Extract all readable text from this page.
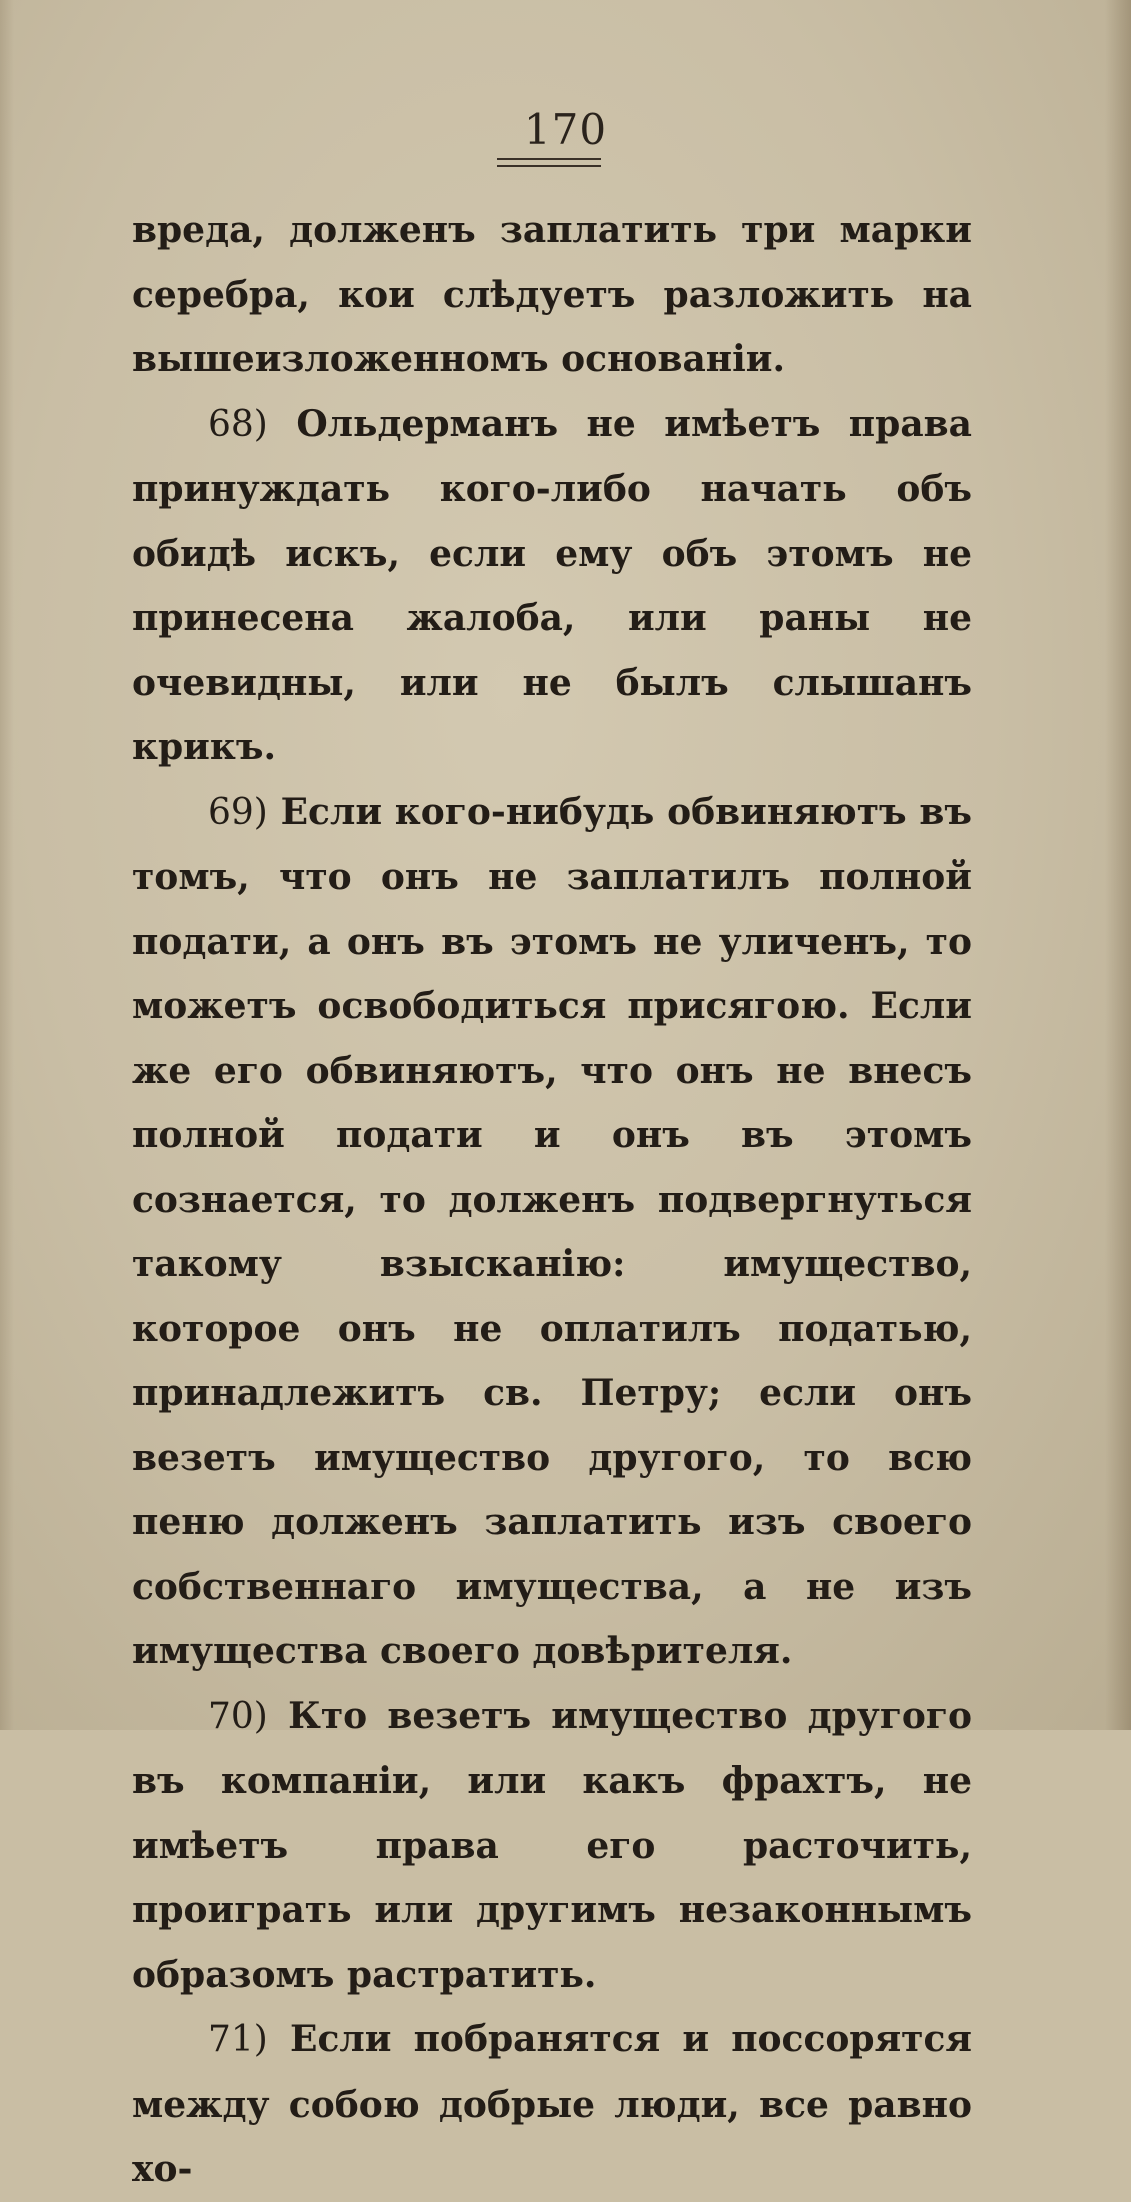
170

вреда, долженъ заплатить три марки серебра, кои слѣдуетъ разложить на вышеизложенномъ основаніи.

68) Ольдерманъ не имѣетъ права принуждать кого-либо начать объ обидѣ искъ, если ему объ этомъ не принесена жалоба, или раны не очевидны, или не былъ слышанъ крикъ.

69) Если кого-нибудь обвиняютъ въ томъ, что онъ не заплатилъ полной подати, а онъ въ этомъ не уличенъ, то можетъ освободиться присягою. Если же его обвиняютъ, что онъ не внесъ полной подати и онъ въ этомъ сознается, то долженъ подвергнуться такому взысканію: имущество, которое онъ не оплатилъ податью, принадлежитъ св. Петру; если онъ везетъ имущество другого, то всю пеню долженъ заплатить изъ своего собственнаго имущества, а не изъ имущества своего довѣрителя.

70) Кто везетъ имущество другого въ компаніи, или какъ фрахтъ, не имѣетъ права его расточить, проиграть или другимъ незаконнымъ образомъ растратить.

71) Если побранятся и поссорятся между собою добрые люди, все равно хо-
